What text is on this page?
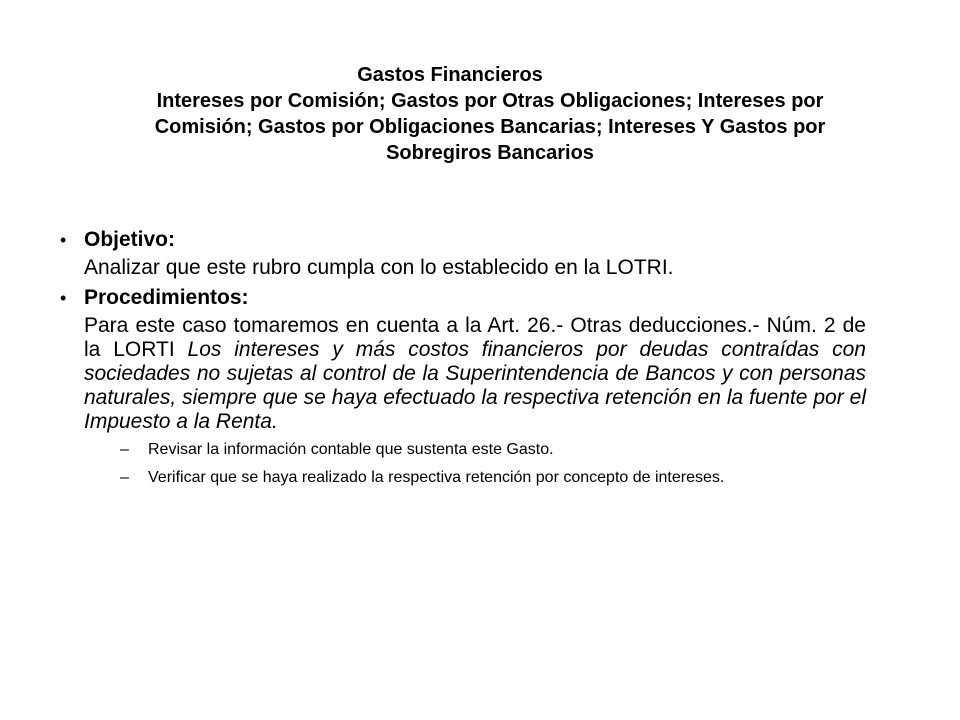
Gastos Financieros
Intereses por Comisión; Gastos por Otras Obligaciones; Intereses por Comisión; Gastos por Obligaciones Bancarias; Intereses Y Gastos por Sobregiros Bancarios
• Objetivo:
Analizar que este rubro cumpla con lo establecido en la LOTRI.
• Procedimientos:
Para este caso tomaremos en cuenta a la Art. 26.- Otras deducciones.- Núm. 2 de la LORTI Los intereses y más costos financieros por deudas contraídas con sociedades no sujetas al control de la Superintendencia de Bancos y con personas naturales, siempre que se haya efectuado la respectiva retención en la fuente por el Impuesto a la Renta.
– Revisar la información contable que sustenta este Gasto.
– Verificar que se haya realizado la respectiva retención por concepto de intereses.
